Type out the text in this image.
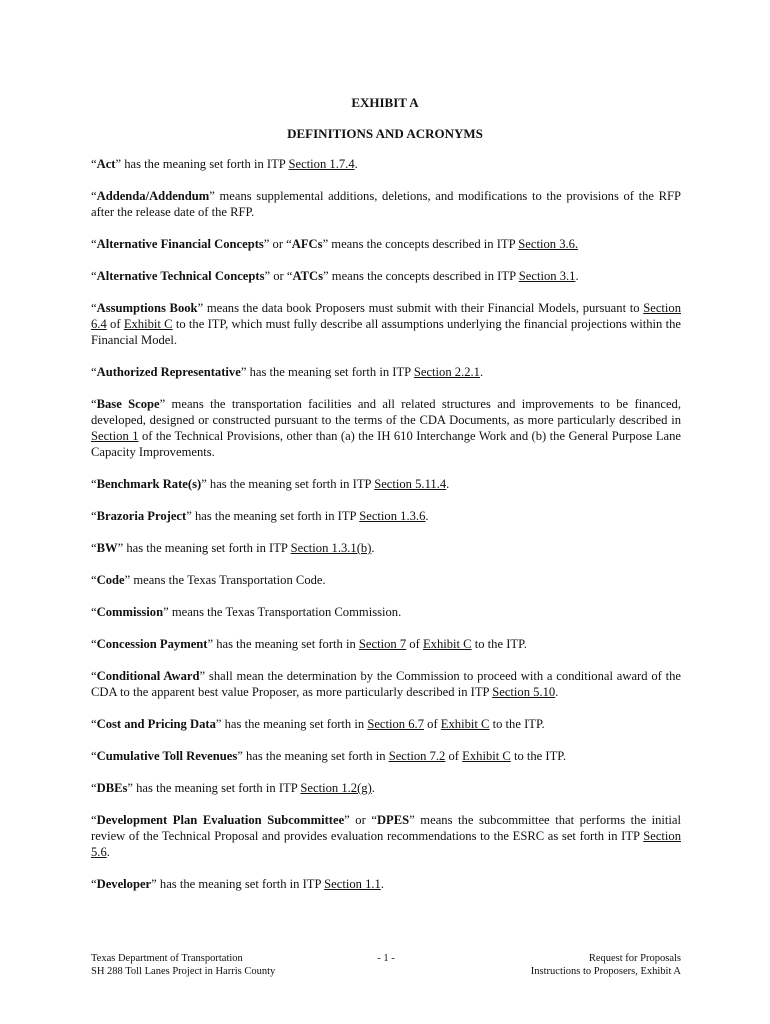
EXHIBIT A
DEFINITIONS AND ACRONYMS

“Act” has the meaning set forth in ITP Section 1.7.4.

“Addenda/Addendum” means supplemental additions, deletions, and modifications to the provisions of the RFP after the release date of the RFP.

“Alternative Financial Concepts” or “AFCs” means the concepts described in ITP Section 3.6.

“Alternative Technical Concepts” or “ATCs” means the concepts described in ITP Section 3.1.

“Assumptions Book” means the data book Proposers must submit with their Financial Models, pursuant to Section 6.4 of Exhibit C to the ITP, which must fully describe all assumptions underlying the financial projections within the Financial Model.

“Authorized Representative” has the meaning set forth in ITP Section 2.2.1.

“Base Scope” means the transportation facilities and all related structures and improvements to be financed, developed, designed or constructed pursuant to the terms of the CDA Documents, as more particularly described in Section 1 of the Technical Provisions, other than (a) the IH 610 Interchange Work and (b) the General Purpose Lane Capacity Improvements.

“Benchmark Rate(s)” has the meaning set forth in ITP Section 5.11.4.

“Brazoria Project” has the meaning set forth in ITP Section 1.3.6.

“BW” has the meaning set forth in ITP Section 1.3.1(b).

“Code” means the Texas Transportation Code.

“Commission” means the Texas Transportation Commission.

“Concession Payment” has the meaning set forth in Section 7 of Exhibit C to the ITP.

“Conditional Award” shall mean the determination by the Commission to proceed with a conditional award of the CDA to the apparent best value Proposer, as more particularly described in ITP Section 5.10.

“Cost and Pricing Data” has the meaning set forth in Section 6.7 of Exhibit C to the ITP.

“Cumulative Toll Revenues” has the meaning set forth in Section 7.2 of Exhibit C to the ITP.

“DBEs” has the meaning set forth in ITP Section 1.2(g).

“Development Plan Evaluation Subcommittee” or “DPES” means the subcommittee that performs the initial review of the Technical Proposal and provides evaluation recommendations to the ESRC as set forth in ITP Section 5.6.

“Developer” has the meaning set forth in ITP Section 1.1.

Texas Department of Transportation
SH 288 Toll Lanes Project in Harris County
- 1 -	Request for Proposals
Instructions to Proposers, Exhibit A
